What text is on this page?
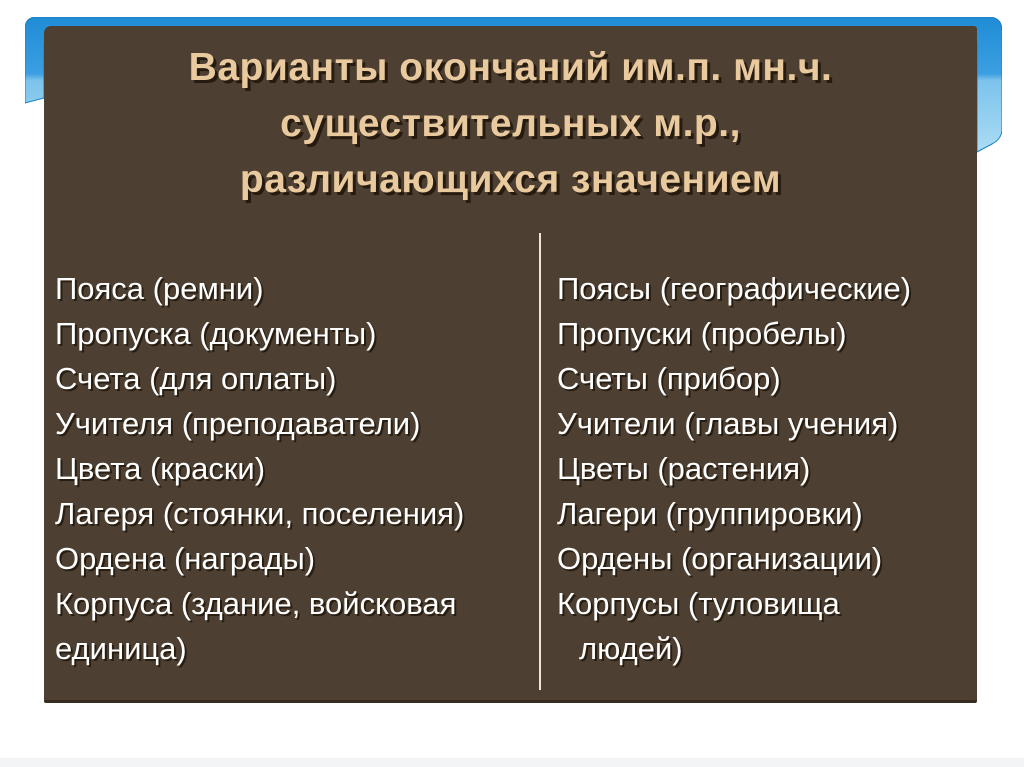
Варианты окончаний им.п. мн.ч.
существительных м.р.,
различающихся значением
Пояса (ремни)
Пропуска (документы)
Счета (для оплаты)
Учителя (преподаватели)
Цвета (краски)
Лагеря (стоянки, поселения)
Ордена (награды)
Корпуса (здание, войсковая
единица)
Поясы (географические)
Пропуски (пробелы)
Счеты (прибор)
Учители (главы учения)
Цветы (растения)
Лагери (группировки)
Ордены (организации)
Корпусы (туловища
людей)
